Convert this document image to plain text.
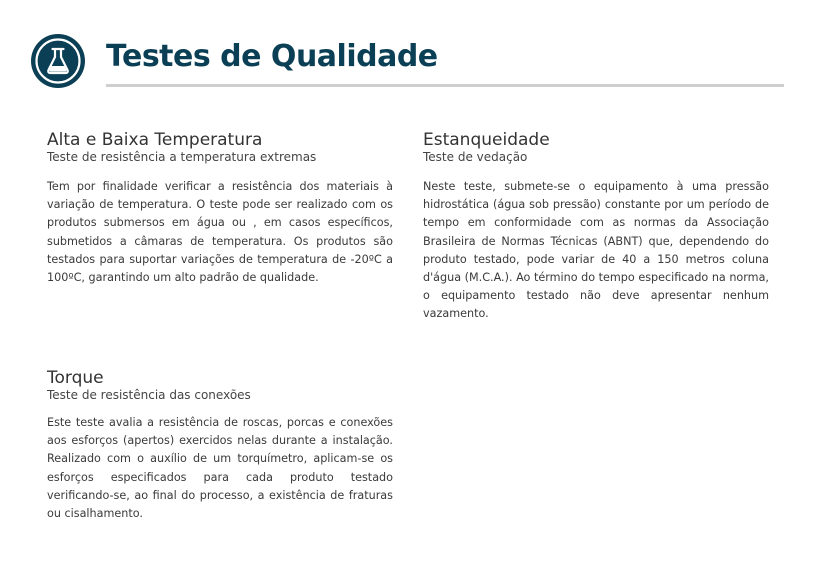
Testes de Qualidade
Alta e Baixa Temperatura

Teste de resistência a temperatura extremas

Tem por finalidade verificar a resistência dos materiais à variação de temperatura. O teste pode ser realizado com os produtos submersos em água ou , em casos específicos, submetidos a câmaras de temperatura. Os produtos são testados para suportar variações de temperatura de -20ºC a 100ºC, garantindo um alto padrão de qualidade.

Estanqueidade

Teste de vedação

Neste teste, submete-se o equipamento à uma pressão hidrostática (água sob pressão) constante por um período de tempo em conformidade com as normas da Associação Brasileira de Normas Técnicas (ABNT) que, dependendo do produto testado, pode variar de 40 a 150 metros coluna d'água (M.C.A.). Ao término do tempo especificado na norma, o equipamento testado não deve apresentar nenhum vazamento.

Torque

Teste de resistência das conexões

Este teste avalia a resistência de roscas, porcas e conexões aos esforços (apertos) exercidos nelas durante a instalação. Realizado com o auxílio de um torquímetro, aplicam-se os esforços especificados para cada produto testado verificando-se, ao final do processo, a existência de fraturas ou cisalhamento.
